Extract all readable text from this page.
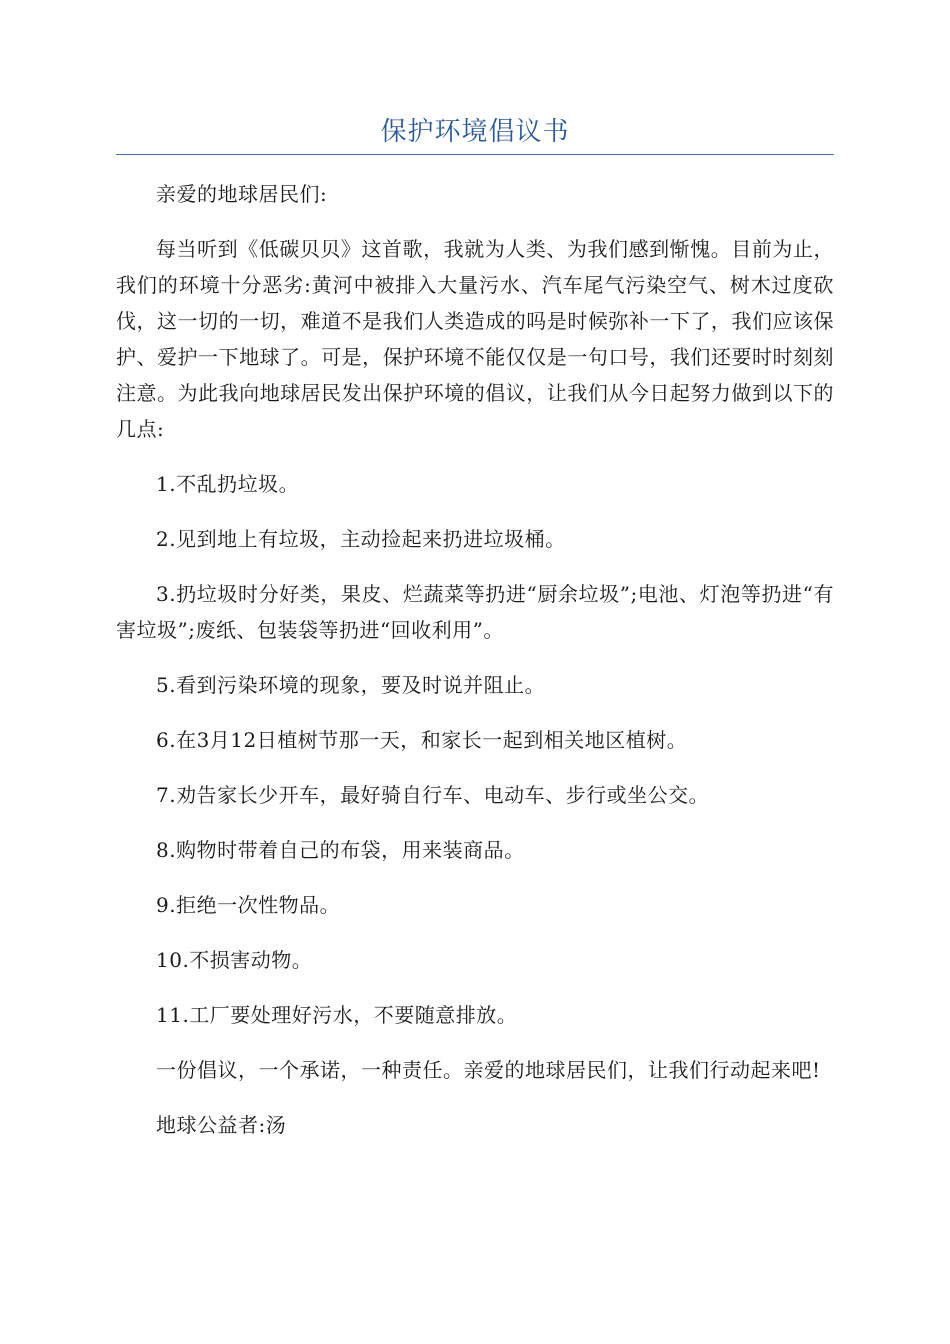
保护环境倡议书

亲爱的地球居民们:

每当听到《低碳贝贝》这首歌，我就为人类、为我们感到惭愧。目前为止，我们的环境十分恶劣:黄河中被排入大量污水、汽车尾气污染空气、树木过度砍伐，这一切的一切，难道不是我们人类造成的吗是时候弥补一下了，我们应该保护、爱护一下地球了。可是，保护环境不能仅仅是一句口号，我们还要时时刻刻注意。为此我向地球居民发出保护环境的倡议，让我们从今日起努力做到以下的几点:

1.不乱扔垃圾。

2.见到地上有垃圾，主动捡起来扔进垃圾桶。

3.扔垃圾时分好类，果皮、烂蔬菜等扔进“厨余垃圾”;电池、灯泡等扔进“有害垃圾”;废纸、包装袋等扔进“回收利用”。

5.看到污染环境的现象，要及时说并阻止。

6.在3月12日植树节那一天，和家长一起到相关地区植树。

7.劝告家长少开车，最好骑自行车、电动车、步行或坐公交。

8.购物时带着自己的布袋，用来装商品。

9.拒绝一次性物品。

10.不损害动物。

11.工厂要处理好污水，不要随意排放。

一份倡议，一个承诺，一种责任。亲爱的地球居民们，让我们行动起来吧!

地球公益者:汤
